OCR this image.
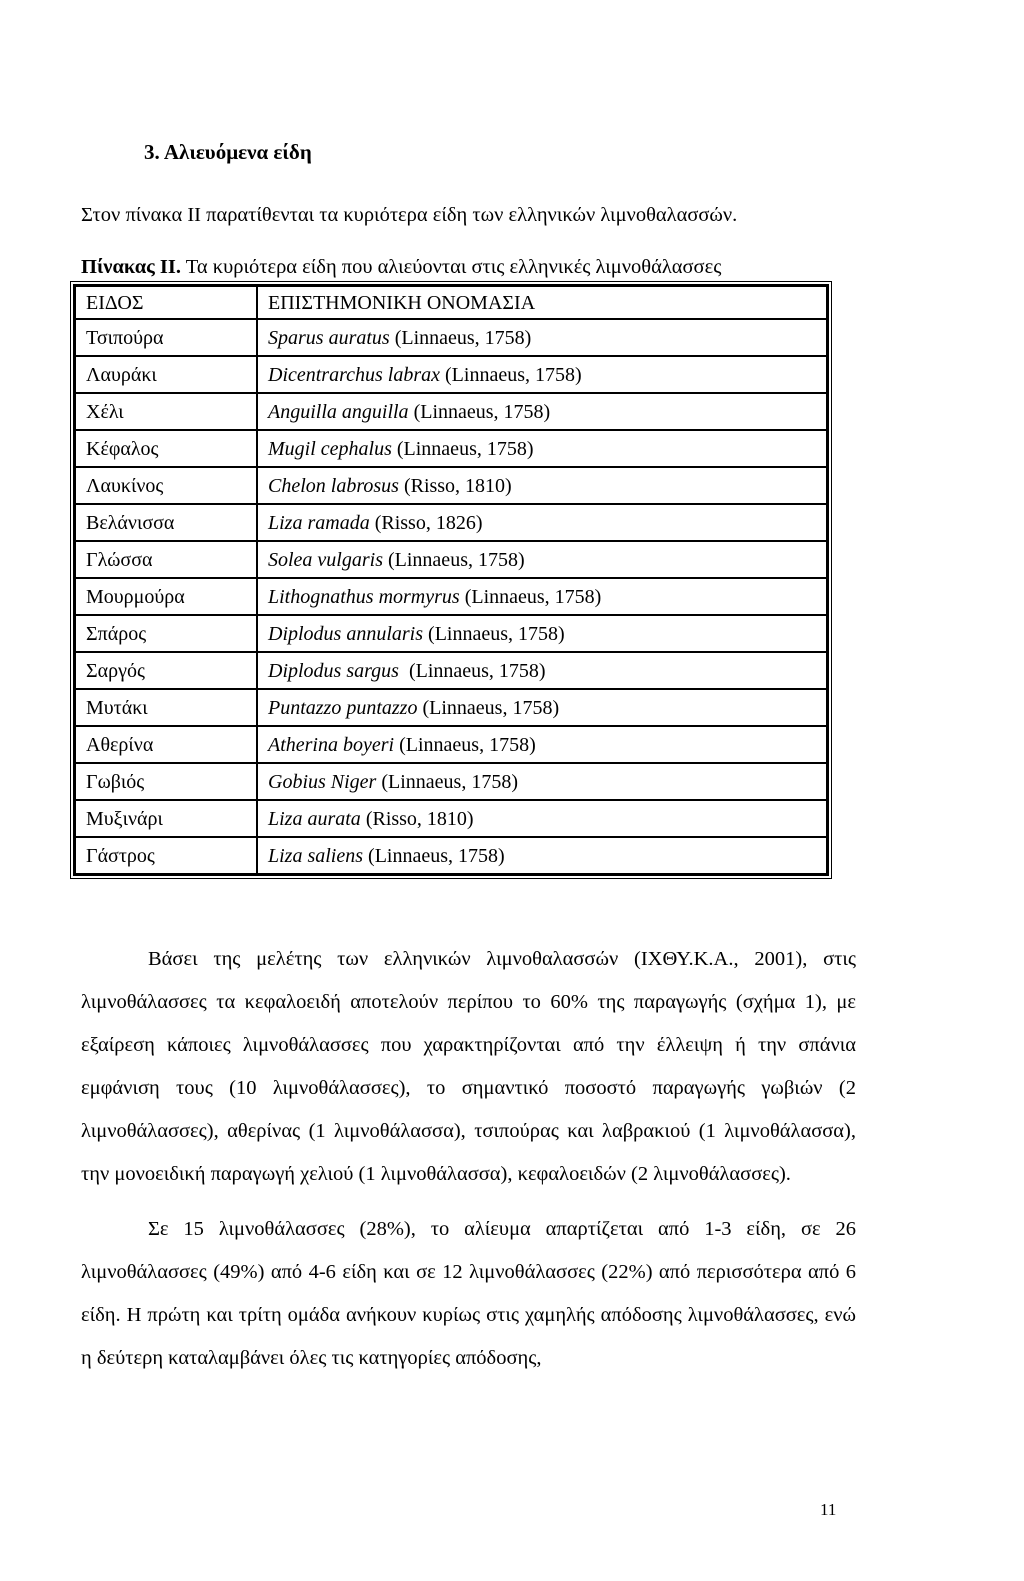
3. Αλιευόμενα είδη
Στον πίνακα ΙΙ παρατίθενται τα κυριότερα είδη των ελληνικών λιμνοθαλασσών.
Πίνακας ΙΙ. Τα κυριότερα είδη που αλιεύονται στις ελληνικές λιμνοθάλασσες
ΕΙΔΟΣ	ΕΠΙΣΤΗΜΟΝΙΚΗ ΟΝΟΜΑΣΙΑ
Τσιπούρα	Sparus auratus (Linnaeus, 1758)
Λαυράκι	Dicentrarchus labrax (Linnaeus, 1758)
Χέλι	Anguilla anguilla (Linnaeus, 1758)
Κέφαλος	Mugil cephalus (Linnaeus, 1758)
Λαυκίνος	Chelon labrosus (Risso, 1810)
Βελάνισσα	Liza ramada (Risso, 1826)
Γλώσσα	Solea vulgaris (Linnaeus, 1758)
Μουρμούρα	Lithognathus mormyrus (Linnaeus, 1758)
Σπάρος	Diplodus annularis (Linnaeus, 1758)
Σαργός	Diplodus sargus  (Linnaeus, 1758)
Μυτάκι	Puntazzo puntazzo (Linnaeus, 1758)
Αθερίνα	Atherina boyeri (Linnaeus, 1758)
Γωβιός	Gobius Niger (Linnaeus, 1758)
Μυξινάρι	Liza aurata (Risso, 1810)
Γάστρος	Liza saliens (Linnaeus, 1758)
Βάσει της μελέτης των ελληνικών λιμνοθαλασσών (ΙΧΘΥ.Κ.Α., 2001), στις λιμνοθάλασσες τα κεφαλοειδή αποτελούν περίπου το 60% της παραγωγής (σχήμα 1), με εξαίρεση κάποιες λιμνοθάλασσες που χαρακτηρίζονται από την έλλειψη ή την σπάνια εμφάνιση τους (10 λιμνοθάλασσες), το σημαντικό ποσοστό παραγωγής γωβιών (2 λιμνοθάλασσες), αθερίνας (1 λιμνοθάλασσα), τσιπούρας και λαβρακιού (1 λιμνοθάλασσα), την μονοειδική παραγωγή χελιού (1 λιμνοθάλασσα), κεφαλοειδών (2 λιμνοθάλασσες).
Σε 15 λιμνοθάλασσες (28%), το αλίευμα απαρτίζεται από 1-3 είδη, σε 26 λιμνοθάλασσες (49%) από 4-6 είδη και σε 12 λιμνοθάλασσες (22%) από περισσότερα από 6 είδη. Η πρώτη και τρίτη ομάδα ανήκουν κυρίως στις χαμηλής απόδοσης λιμνοθάλασσες, ενώ η δεύτερη καταλαμβάνει όλες τις κατηγορίες απόδοσης,
11
